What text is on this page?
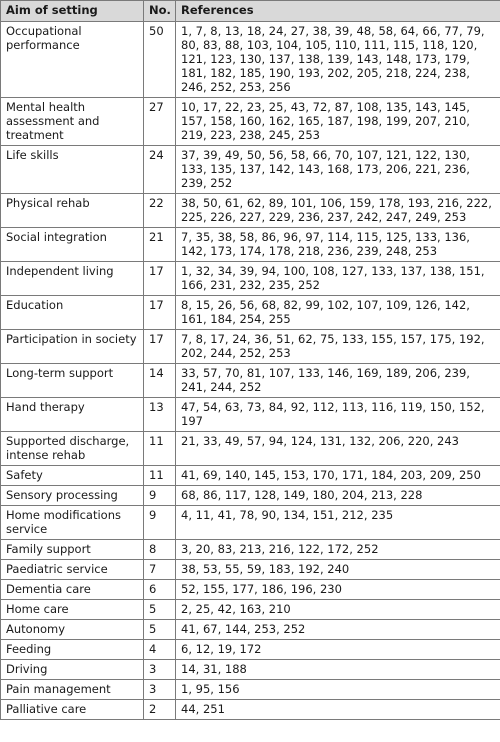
Aim of setting	No.	References
Occupational performance	50	1, 7, 8, 13, 18, 24, 27, 38, 39, 48, 58, 64, 66, 77, 79, 80, 83, 88, 103, 104, 105, 110, 111, 115, 118, 120, 121, 123, 130, 137, 138, 139, 143, 148, 173, 179, 181, 182, 185, 190, 193, 202, 205, 218, 224, 238, 246, 252, 253, 256
Mental health assessment and treatment	27	10, 17, 22, 23, 25, 43, 72, 87, 108, 135, 143, 145, 157, 158, 160, 162, 165, 187, 198, 199, 207, 210, 219, 223, 238, 245, 253
Life skills	24	37, 39, 49, 50, 56, 58, 66, 70, 107, 121, 122, 130, 133, 135, 137, 142, 143, 168, 173, 206, 221, 236, 239, 252
Physical rehab	22	38, 50, 61, 62, 89, 101, 106, 159, 178, 193, 216, 222, 225, 226, 227, 229, 236, 237, 242, 247, 249, 253
Social integration	21	7, 35, 38, 58, 86, 96, 97, 114, 115, 125, 133, 136, 142, 173, 174, 178, 218, 236, 239, 248, 253
Independent living	17	1, 32, 34, 39, 94, 100, 108, 127, 133, 137, 138, 151, 166, 231, 232, 235, 252
Education	17	8, 15, 26, 56, 68, 82, 99, 102, 107, 109, 126, 142, 161, 184, 254, 255
Participation in society	17	7, 8, 17, 24, 36, 51, 62, 75, 133, 155, 157, 175, 192, 202, 244, 252, 253
Long-term support	14	33, 57, 70, 81, 107, 133, 146, 169, 189, 206, 239, 241, 244, 252
Hand therapy	13	47, 54, 63, 73, 84, 92, 112, 113, 116, 119, 150, 152, 197
Supported discharge, intense rehab	11	21, 33, 49, 57, 94, 124, 131, 132, 206, 220, 243
Safety	11	41, 69, 140, 145, 153, 170, 171, 184, 203, 209, 250
Sensory processing	9	68, 86, 117, 128, 149, 180, 204, 213, 228
Home modifications service	9	4, 11, 41, 78, 90, 134, 151, 212, 235
Family support	8	3, 20, 83, 213, 216, 122, 172, 252
Paediatric service	7	38, 53, 55, 59, 183, 192, 240
Dementia care	6	52, 155, 177, 186, 196, 230
Home care	5	2, 25, 42, 163, 210
Autonomy	5	41, 67, 144, 253, 252
Feeding	4	6, 12, 19, 172
Driving	3	14, 31, 188
Pain management	3	1, 95, 156
Palliative care	2	44, 251
